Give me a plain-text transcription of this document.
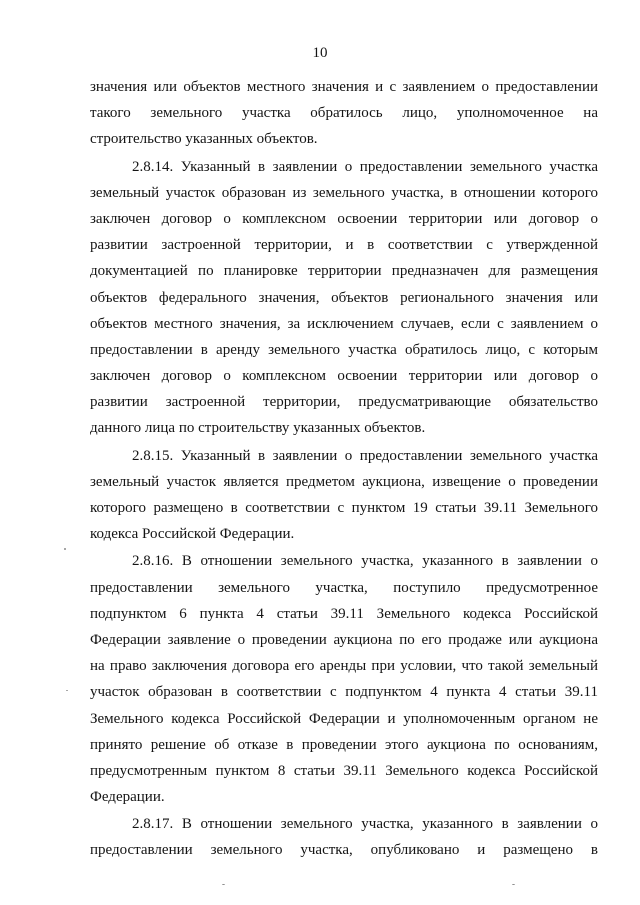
10
значения или объектов местного значения и с заявлением о предоставлении
такого земельного участка обратилось лицо, уполномоченное на
строительство указанных объектов.
2.8.14. Указанный в заявлении о предоставлении земельного участка
земельный участок образован из земельного участка, в отношении которого
заключен договор о комплексном освоении территории или договор о
развитии застроенной территории, и в соответствии с утвержденной
документацией по планировке территории предназначен для размещения
объектов федерального значения, объектов регионального значения или
объектов местного значения, за исключением случаев, если с заявлением о
предоставлении в аренду земельного участка обратилось лицо, с которым
заключен договор о комплексном освоении территории или договор о
развитии застроенной территории, предусматривающие обязательство
данного лица по строительству указанных объектов.
2.8.15. Указанный в заявлении о предоставлении земельного участка
земельный участок является предметом аукциона, извещение о проведении
которого размещено в соответствии с пунктом 19 статьи 39.11 Земельного
кодекса Российской Федерации.
2.8.16. В отношении земельного участка, указанного в заявлении о
предоставлении земельного участка, поступило предусмотренное
подпунктом 6 пункта 4 статьи 39.11 Земельного кодекса Российской
Федерации заявление о проведении аукциона по его продаже или аукциона
на право заключения договора его аренды при условии, что такой земельный
участок образован в соответствии с подпунктом 4 пункта 4 статьи 39.11
Земельного кодекса Российской Федерации и уполномоченным органом не
принято решение об отказе в проведении этого аукциона по основаниям,
предусмотренным пунктом 8 статьи 39.11 Земельного кодекса Российской
Федерации.
2.8.17. В отношении земельного участка, указанного в заявлении о
предоставлении земельного участка, опубликовано и размещено в
